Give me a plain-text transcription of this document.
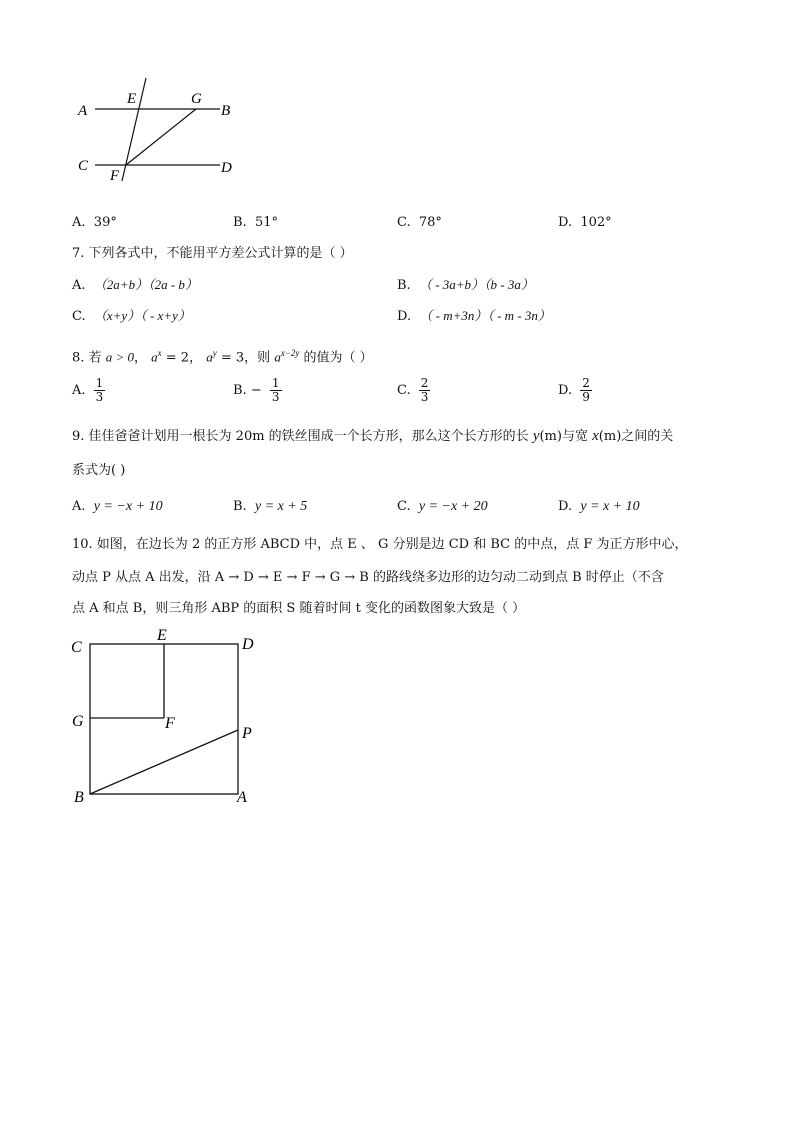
A
E	G
B
C
F	D
A. 39°	B. 51°	C. 78°	D. 102°
7. 下列各式中，不能用平方差公式计算的是（ ）
A. （2a+b）（2a - b）	B. （ - 3a+b）（b - 3a）
C. （x+y）（ - x+y）	D. （ - m+3n）（ - m - 3n）
8. 若 a > 0， $a^x = 2$， $a^y = 3$，则 $a^{x-2y}$ 的值为（ ）
A. $\frac{1}{3}$	B. − $\frac{1}{3}$	C. $\frac{2}{3}$	D. $\frac{2}{9}$
9. 佳佳爸爸计划用一根长为 20m 的铁丝围成一个长方形，那么这个长方形的长 y(m)与宽 x(m)之间的关
系式为( )
A. y = −x + 10	B. y = x + 5	C. y = −x + 20	D. y = x + 10
10. 如图，在边长为 2 的正方形 ABCD 中，点 E 、 G 分别是边 CD 和 BC 的中点，点 F 为正方形中心，
动点 P 从点 A 出发，沿 A → D → E → F → G → B 的路线绕多边形的边匀动二动到点 B 时停止（不含
点 A 和点 B，则三角形 ABP 的面积 S 随着时间 t 变化的函数图象大致是（ ）
C
E
D
G	F
P
B	A
